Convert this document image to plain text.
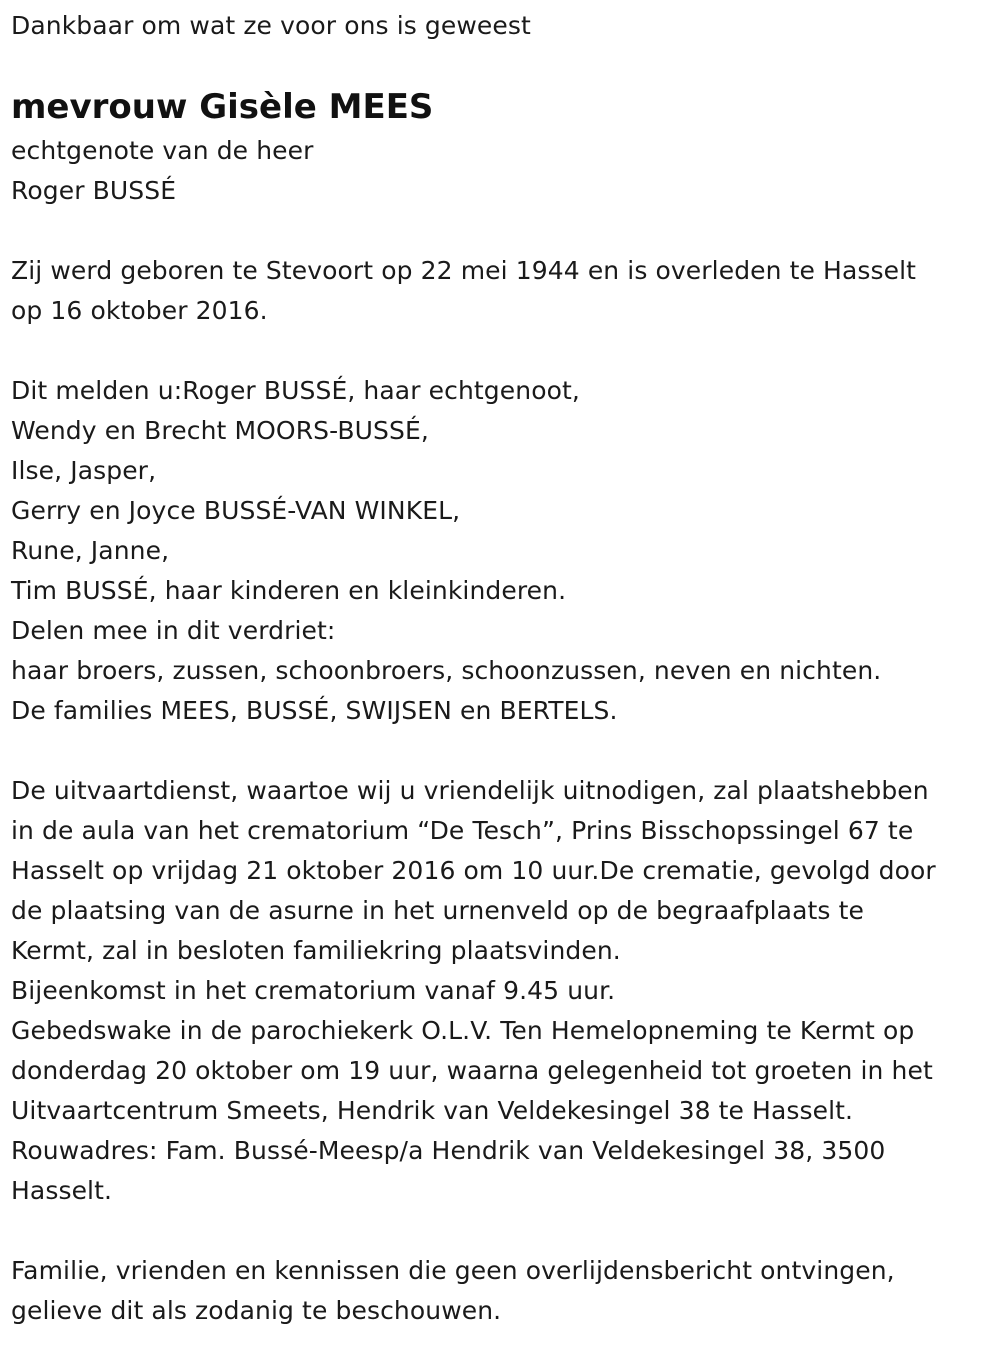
Dankbaar om wat ze voor ons is geweest
mevrouw Gisèle MEES
echtgenote van de heer
Roger BUSSÉ
Zij werd geboren te Stevoort op 22 mei 1944 en is overleden te Hasselt
op 16 oktober 2016.
Dit melden u:Roger BUSSÉ, haar echtgenoot,
Wendy en Brecht MOORS-BUSSÉ,
Ilse, Jasper,
Gerry en Joyce BUSSÉ-VAN WINKEL,
Rune, Janne,
Tim BUSSÉ, haar kinderen en kleinkinderen.
Delen mee in dit verdriet:
haar broers, zussen, schoonbroers, schoonzussen, neven en nichten.
De families MEES, BUSSÉ, SWIJSEN en BERTELS.
De uitvaartdienst, waartoe wij u vriendelijk uitnodigen, zal plaatshebben
in de aula van het crematorium “De Tesch”, Prins Bisschopssingel 67 te
Hasselt op vrijdag 21 oktober 2016 om 10 uur.De crematie, gevolgd door
de plaatsing van de asurne in het urnenveld op de begraafplaats te
Kermt, zal in besloten familiekring plaatsvinden.
Bijeenkomst in het crematorium vanaf 9.45 uur.
Gebedswake in de parochiekerk O.L.V. Ten Hemelopneming te Kermt op
donderdag 20 oktober om 19 uur, waarna gelegenheid tot groeten in het
Uitvaartcentrum Smeets, Hendrik van Veldekesingel 38 te Hasselt.
Rouwadres: Fam. Bussé-Meesp/a Hendrik van Veldekesingel 38, 3500
Hasselt.
Familie, vrienden en kennissen die geen overlijdensbericht ontvingen,
gelieve dit als zodanig te beschouwen.
